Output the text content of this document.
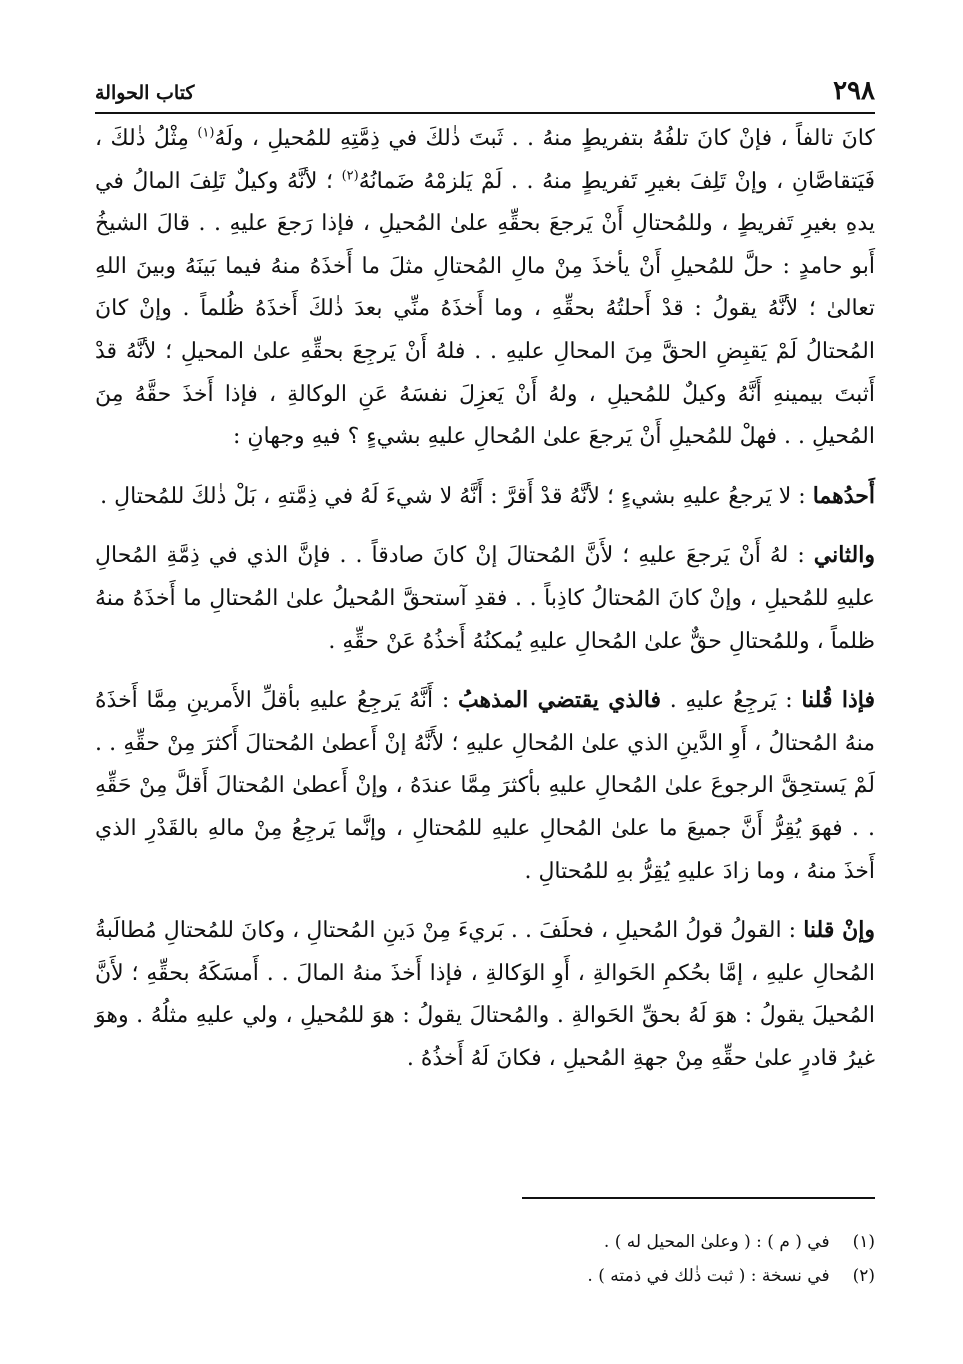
٢٩٨
كتاب الحوالة

كانَ تالفاً ، فإنْ كانَ تلفُهُ بتفريطٍ منهُ . . ثَبتَ ذٰلكَ في ذِمَّتِهِ للمُحيلِ ، ولَهُ$^{(١)}$ مِثْلُ ذٰلكَ ، فَيَتقاصَّانِ ، وإنْ تَلِفَ بغيرِ تَفريطٍ منهُ . . لَمْ يَلزمْهُ ضَمانُهُ$^{(٢)}$ ؛ لأنَّهُ وكيلٌ تَلِفَ المالُ في يدهِ بغيرِ تَفريطٍ ، وللمُحتالِ أَنْ يَرجعَ بحقِّهِ علىٰ المُحيلِ ، فإذا رَجعَ عليهِ . . قالَ الشيخُ أَبو حامدٍ : حلَّ للمُحيلِ أَنْ يأخذَ مِنْ مالِ المُحتالِ مثلَ ما أَخذَهُ منهُ فيما بَينَهُ وبينَ اللهِ تعالىٰ ؛ لأنَّهُ يقولُ : قدْ أَحلتُهُ بحقِّهِ ، وما أَخذَهُ منِّي بعدَ ذٰلكَ أَخذَهُ ظُلماً . وإنْ كانَ المُحتالُ لَمْ يَقبِضِ الحقَّ مِنَ المحالِ عليهِ . . فلهُ أَنْ يَرجِعَ بحقِّهِ علىٰ المحيلِ ؛ لأنَّهُ قدْ أَثبتَ بيمينهِ أَنَّهُ وكيلٌ للمُحيلِ ، ولهُ أَنْ يَعزِلَ نفسَهُ عَنِ الوكالةِ ، فإذا أَخذَ حقَّهُ مِنَ المُحيلِ . . فهلْ للمُحيلِ أَنْ يَرجعَ علىٰ المُحالِ عليهِ بشيءٍ ؟ فيهِ وجهانِ :

أَحدُهما : لا يَرجعُ عليهِ بشيءٍ ؛ لأنَّهُ قدْ أَقرَّ : أَنَّهُ لا شيءَ لَهُ في ذِمَّتهِ ، بَلْ ذٰلكَ للمُحتالِ .

والثاني : لهُ أَنْ يَرجعَ عليهِ ؛ لأَنَّ المُحتالَ إنْ كانَ صادقاً . . فإنَّ الذي في ذِمَّةِ المُحالِ عليهِ للمُحيلِ ، وإنْ كانَ المُحتالُ كاذِباً . . فقدِ آستحقَّ المُحيلُ علىٰ المُحتالِ ما أَخذَهُ منهُ ظلماً ، وللمُحتالِ حقٌّ علىٰ المُحالِ عليهِ يُمكنُهُ أَخذُهُ عَنْ حقِّهِ .

فإذا قُلنا : يَرجِعُ عليهِ . فالذي يقتضي المذهبُ : أَنَّهُ يَرجِعُ عليهِ بأقلِّ الأَمرينِ مِمَّا أَخذَهُ منهُ المُحتالُ ، أَوِ الدَّينِ الذي علىٰ المُحالِ عليهِ ؛ لأَنَّهُ إنْ أَعطىٰ المُحتالَ أَكثرَ مِنْ حقِّهِ . . لَمْ يَستحِقَّ الرجوعَ علىٰ المُحالِ عليهِ بأكثرَ مِمَّا عندَهُ ، وإنْ أَعطىٰ المُحتالَ أَقلَّ مِنْ حَقِّهِ . . فهوَ يُقِرُّ أَنَّ جميعَ ما علىٰ المُحالِ عليهِ للمُحتالِ ، وإنَّما يَرجِعُ مِنْ مالهِ بالقَدْرِ الذي أَخذَ منهُ ، وما زادَ عليهِ يُقِرُّ بهِ للمُحتالِ .

وإنْ قلنا : القولُ قولُ المُحيلِ ، فحلَفَ . . بَريءَ مِنْ دَينِ المُحتالِ ، وكانَ للمُحتالِ مُطالَبةُ المُحالِ عليهِ ، إمَّا بحُكمِ الحَوالةِ ، أَوِ الوَكالةِ ، فإذا أَخذَ منهُ المالَ . . أَمسَكَهُ بحقِّهِ ؛ لأَنَّ المُحيلَ يقولُ : هوَ لَهُ بحقِّ الحَوالةِ . والمُحتالَ يقولُ : هوَ للمُحيلِ ، ولي عليهِ مثلُهُ . وهوَ غيرُ قادرٍ علىٰ حقِّهِ مِنْ جهةِ المُحيلِ ، فكانَ لَهُ أَخذُهُ .

(١) في ( م ) : ( وعلىٰ المحيل له ) .
(٢) في نسخة : ( ثبت ذٰلك في ذمته ) .
